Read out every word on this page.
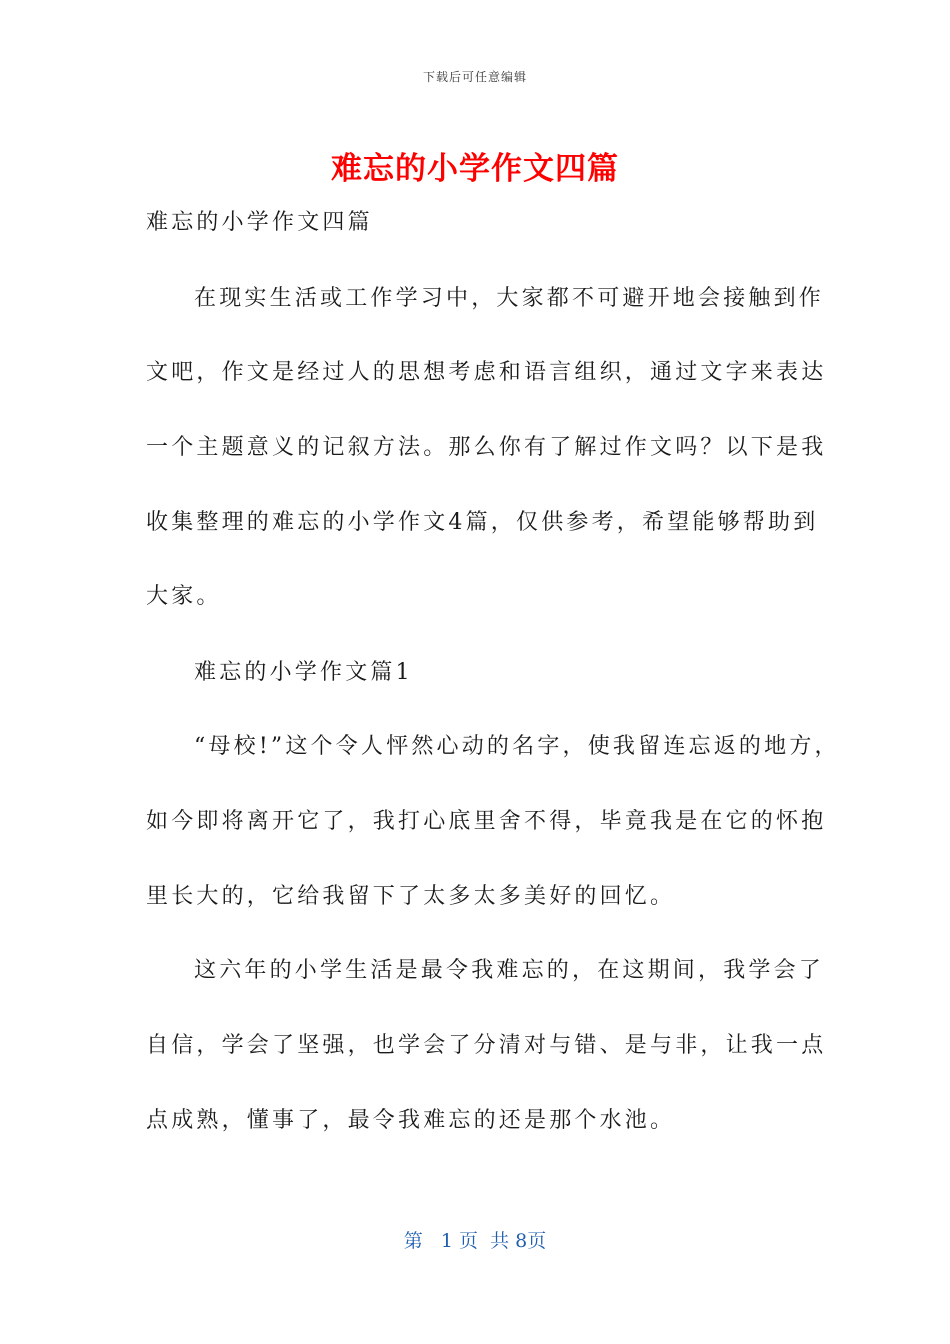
下载后可任意编辑
难忘的小学作文四篇
难忘的小学作文四篇
在现实生活或工作学习中，大家都不可避开地会接触到作
文吧，作文是经过人的思想考虑和语言组织，通过文字来表达
一个主题意义的记叙方法。那么你有了解过作文吗？以下是我
收集整理的难忘的小学作文4篇，仅供参考，希望能够帮助到
大家。
难忘的小学作文篇1
“母校!”这个令人怦然心动的名字，使我留连忘返的地方，
如今即将离开它了，我打心底里舍不得，毕竟我是在它的怀抱
里长大的，它给我留下了太多太多美好的回忆。
这六年的小学生活是最令我难忘的，在这期间，我学会了
自信，学会了坚强，也学会了分清对与错、是与非，让我一点
点成熟，懂事了，最令我难忘的还是那个水池。
第   1 页  共 8页
